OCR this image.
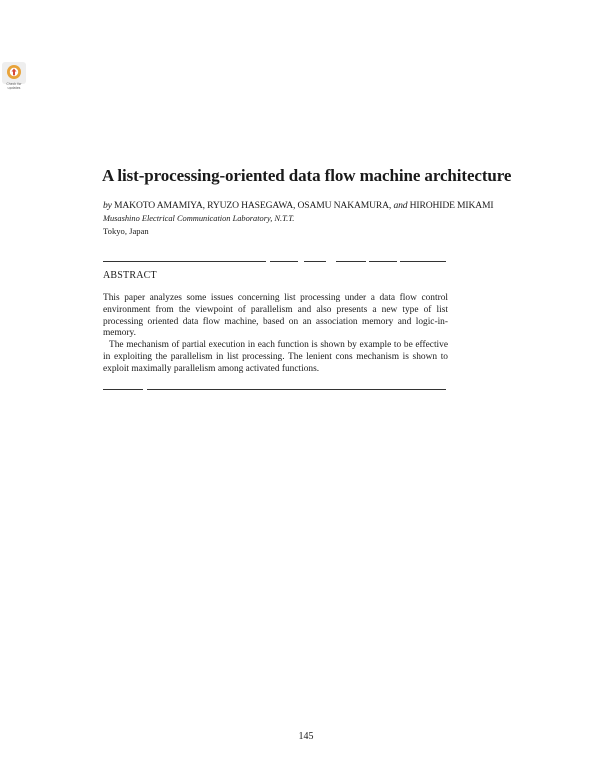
Check for updates
A list-processing-oriented data flow machine architecture
by MAKOTO AMAMIYA, RYUZO HASEGAWA, OSAMU NAKAMURA, and HIROHIDE MIKAMI
Musashino Electrical Communication Laboratory, N.T.T.
Tokyo, Japan
ABSTRACT

This paper analyzes some issues concerning list processing under a data flow control environment from the viewpoint of parallelism and also presents a new type of list processing oriented data flow machine, based on an association memory and logic-in-memory.

The mechanism of partial execution in each function is shown by example to be effective in exploiting the parallelism in list processing. The lenient cons mechanism is shown to exploit maximally parallelism among activated functions.

145
